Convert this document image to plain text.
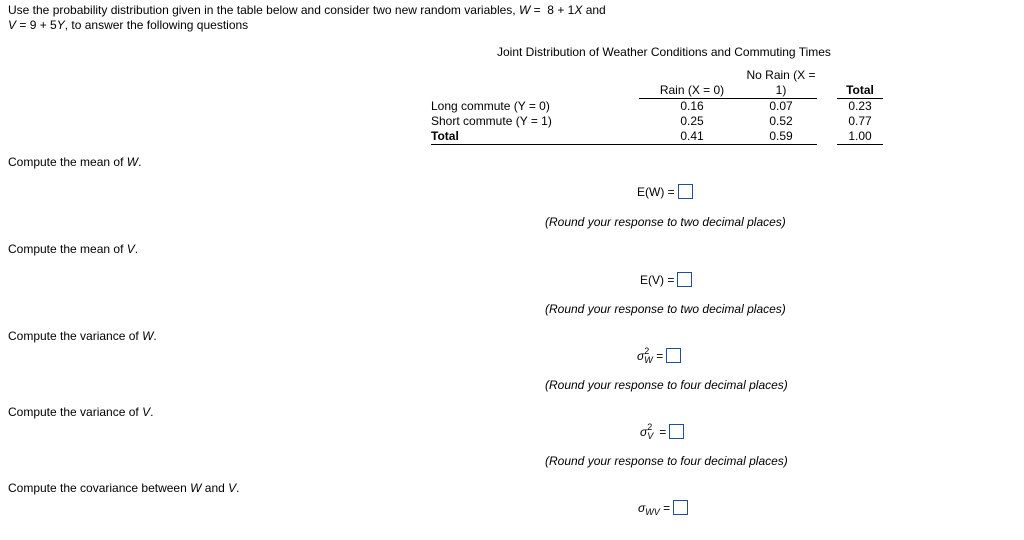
Use the probability distribution given in the table below and consider two new random variables, W =  8 + 1X and
V = 9 + 5Y, to answer the following questions
Joint Distribution of Weather Conditions and Commuting Times
	Rain (X = 0)	No Rain (X = 1)		Total
Long commute (Y = 0)	0.16	0.07		0.23
Short commute (Y = 1)	0.25	0.52		0.77
Total	0.41	0.59		1.00
Compute the mean of W.
E(W) =
(Round your response to two decimal places)
Compute the mean of V.
E(V) =
(Round your response to two decimal places)
Compute the variance of W.
σ 2
W =
(Round your response to four decimal places)
Compute the variance of V.
σ 2
V =
(Round your response to four decimal places)
Compute the covariance between W and V.
$\sigma_{WV}$ =
